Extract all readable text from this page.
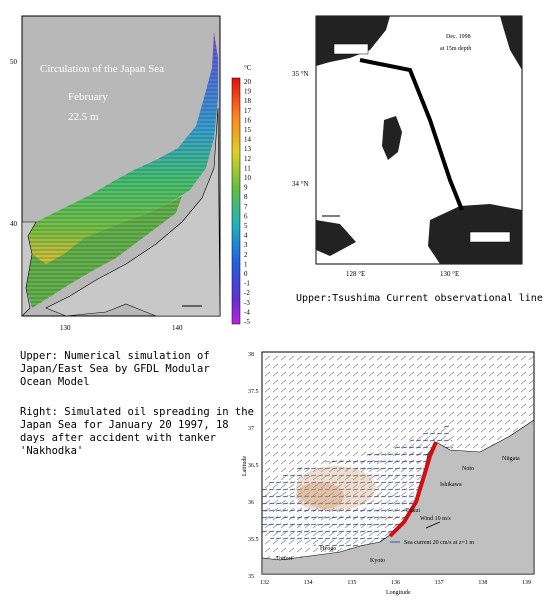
Circulation of the Japan Sea
February
22.5 m
50
40
130	140
°C
20
19
18
17
16
15
14
13
12
11
10
9
8
7
6
5
4
3
2
1
0
-1
-2
-3
-4
-5
Dec. 1998
at 15m depth
35 °N
34 °N
128 °E	130 °E
Upper:Tsushima Current observational line
Upper: Numerical simulation of
Japan/East Sea by GFDL Modular
Ocean Model
Right: Simulated oil spreading in the
Japan Sea for January 20 1997, 18
days after accident with tanker
'Nakhodka'
Niigata
Noto
Ishikawa
Fukui
Kyoto
Hyogo
Tottori
Wind 10 m/s
Sea current 20 cm/s at z=1 m
38
37.5
37
36.5
36
35.5
35
132	134	135	136	137	138	139
Longitude
Latitude
